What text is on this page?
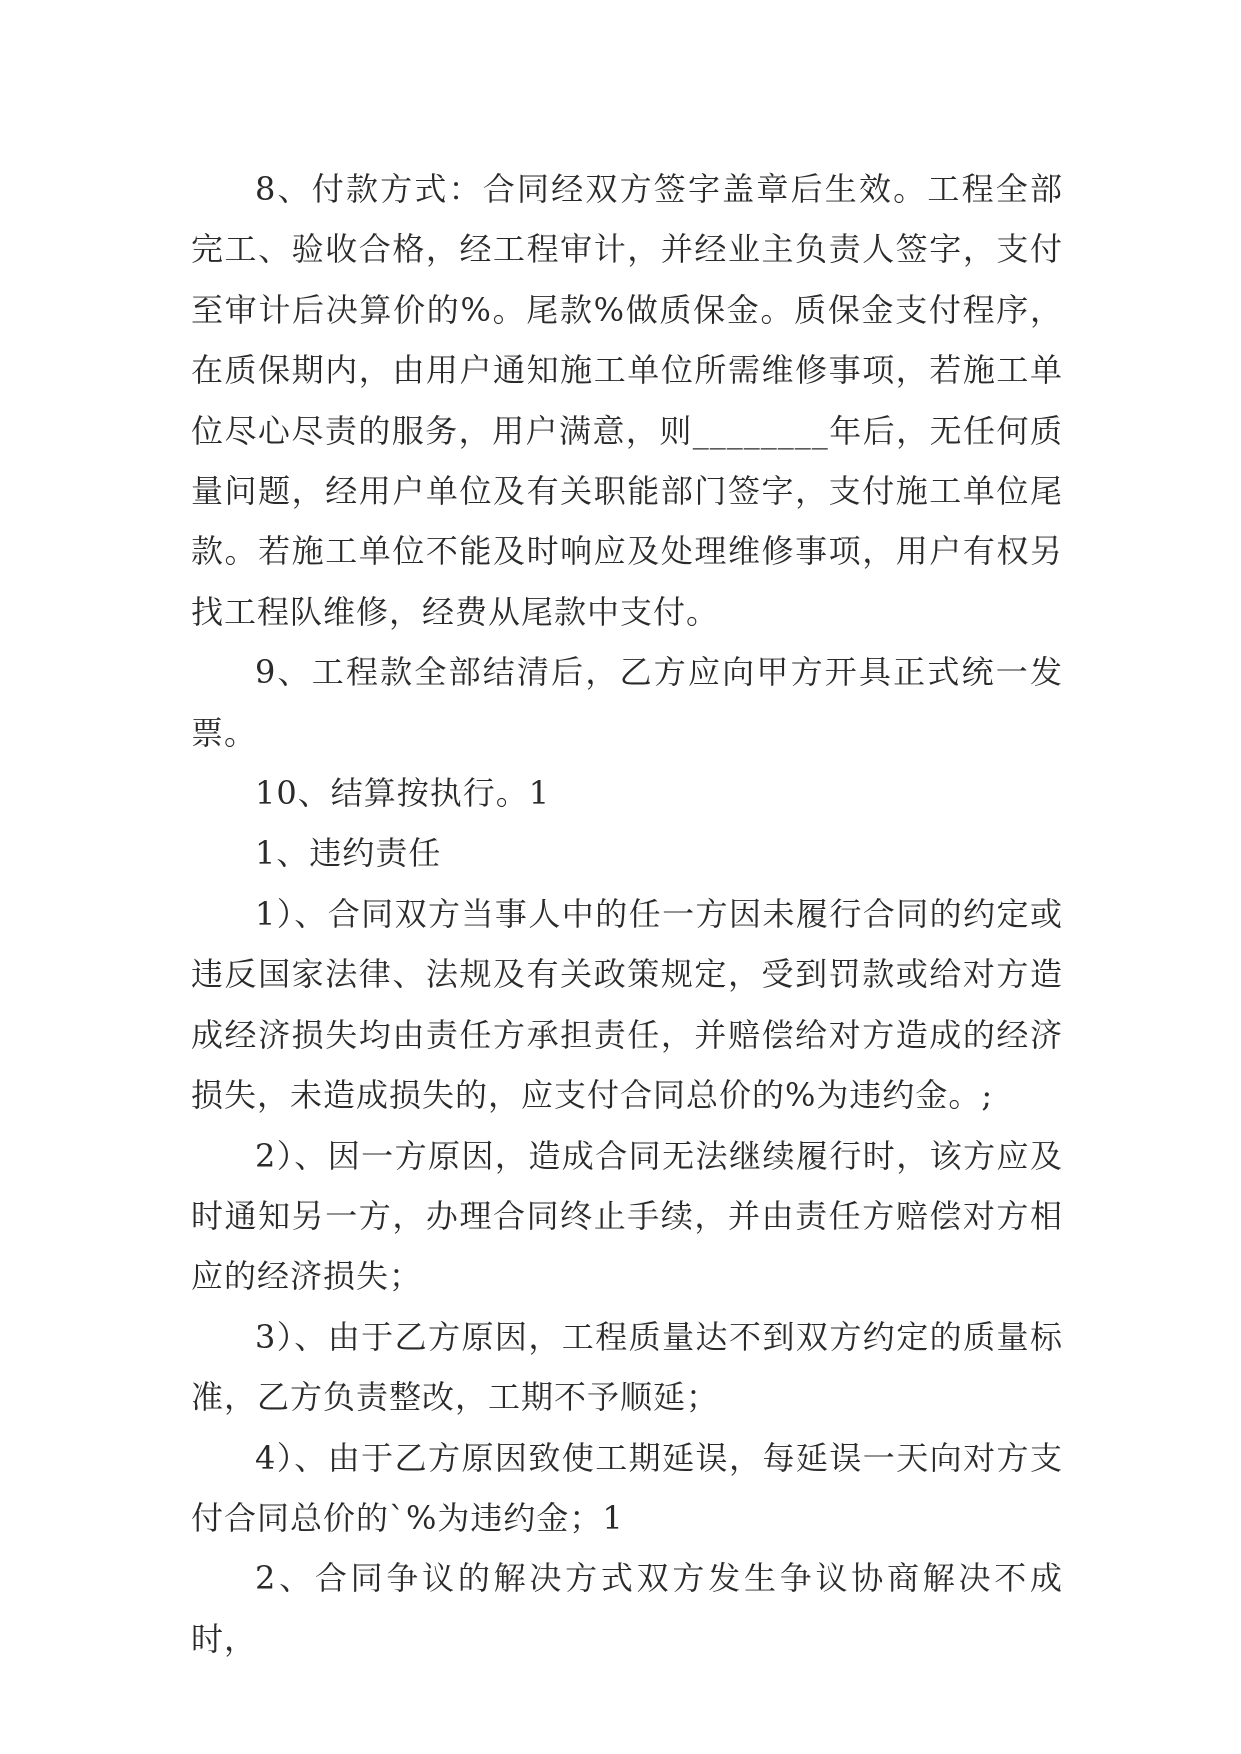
8、付款方式：合同经双方签字盖章后生效。工程全部完工、验收合格，经工程审计，并经业主负责人签字，支付至审计后决算价的%。尾款%做质保金。质保金支付程序，在质保期内，由用户通知施工单位所需维修事项，若施工单位尽心尽责的服务，用户满意，则________年后，无任何质量问题，经用户单位及有关职能部门签字，支付施工单位尾款。若施工单位不能及时响应及处理维修事项，用户有权另找工程队维修，经费从尾款中支付。

9、工程款全部结清后，乙方应向甲方开具正式统一发票。

10、结算按执行。1

1、违约责任

1）、合同双方当事人中的任一方因未履行合同的约定或违反国家法律、法规及有关政策规定，受到罚款或给对方造成经济损失均由责任方承担责任，并赔偿给对方造成的经济损失，未造成损失的，应支付合同总价的%为违约金。;

2）、因一方原因，造成合同无法继续履行时，该方应及时通知另一方，办理合同终止手续，并由责任方赔偿对方相应的经济损失；

3）、由于乙方原因，工程质量达不到双方约定的质量标准，乙方负责整改，工期不予顺延；

4）、由于乙方原因致使工期延误，每延误一天向对方支付合同总价的`%为违约金；1

2、合同争议的解决方式双方发生争议协商解决不成时，
